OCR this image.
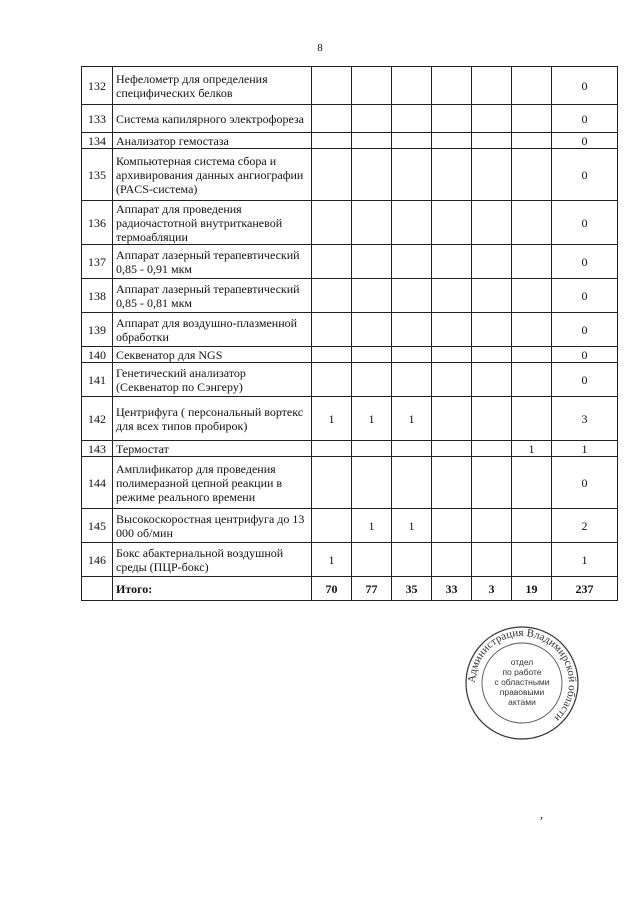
8
132	Нефелометр для определения специфических белков							0
133	Система капилярного электрофореза							0
134	Анализатор гемостаза							0
135	Компьютерная система сбора и архивирования данных ангиографии (PACS-система)							0
136	Аппарат для проведения радиочастотной внутритканевой термоабляции							0
137	Аппарат лазерный терапевтический 0,85 - 0,91 мкм							0
138	Аппарат лазерный терапевтический 0,85 - 0,81 мкм							0
139	Аппарат для воздушно-плазменной обработки							0
140	Секвенатор для NGS							0
141	Генетический анализатор (Секвенатор по Сэнгеру)							0
142	Центрифуга ( персональный вортекс для всех типов пробирок)	1	1	1				3
143	Термостат						1	1
144	Амплификатор для проведения полимеразной цепной реакции в режиме реального времени							0
145	Высокоскоростная центрифуга до 13 000 об/мин		1	1				2
146	Бокс абактериальной воздушной среды (ПЦР-бокс)	1						1
	Итого:	70	77	35	33	3	19	237
Администрация Владимирской области
отдел
по работе
с областными
правовыми
актами
,
